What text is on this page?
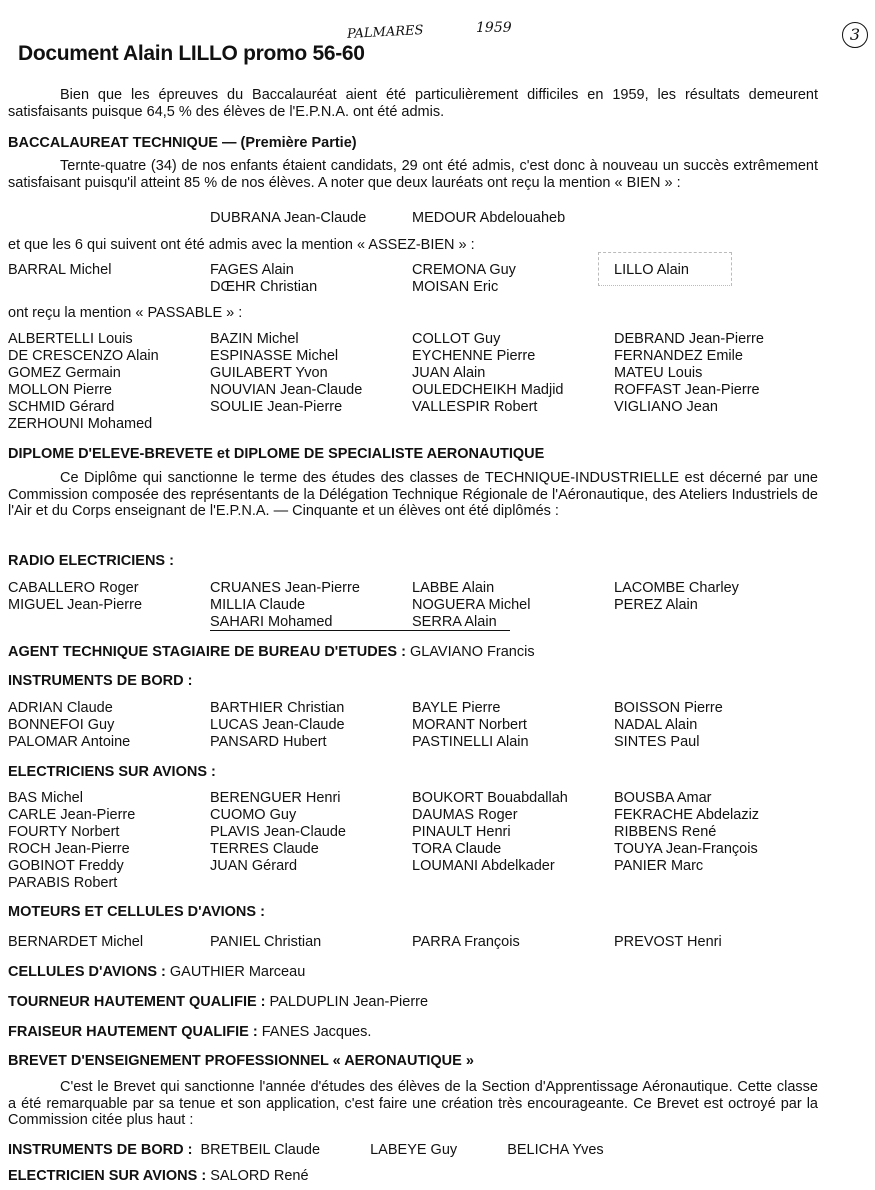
Document Alain LILLO promo 56-60
PALMARES	1959	3

Bien que les épreuves du Baccalauréat aient été particulièrement difficiles en 1959, les résultats demeurent satisfaisants puisque 64,5 % des élèves de l'E.P.N.A. ont été admis.

BACCALAUREAT TECHNIQUE — (Première Partie)

Ternte-quatre (34) de nos enfants étaient candidats, 29 ont été admis, c'est donc à nouveau un succès extrêmement satisfaisant puisqu'il atteint 85 % de nos élèves. A noter que deux lauréats ont reçu la mention « BIEN » :

DUBRANA Jean-Claude	MEDOUR Abdelouaheb
et que les 6 qui suivent ont été admis avec la mention « ASSEZ-BIEN » :
BARRAL Michel	FAGES Alain	CREMONA Guy	LILLO Alain
DŒHR Christian	MOISAN Eric
ont reçu la mention « PASSABLE » :
ALBERTELLI Louis	BAZIN Michel	COLLOT Guy	DEBRAND Jean-Pierre
DE CRESCENZO Alain	ESPINASSE Michel	EYCHENNE Pierre	FERNANDEZ Emile
GOMEZ Germain	GUILABERT Yvon	JUAN Alain	MATEU Louis
MOLLON Pierre	NOUVIAN Jean-Claude	OULEDCHEIKH Madjid	ROFFAST Jean-Pierre
SCHMID Gérard	SOULIE Jean-Pierre	VALLESPIR Robert	VIGLIANO Jean
ZERHOUNI Mohamed
DIPLOME D'ELEVE-BREVETE et DIPLOME DE SPECIALISTE AERONAUTIQUE

Ce Diplôme qui sanctionne le terme des études des classes de TECHNIQUE-INDUSTRIELLE est décerné par une Commission composée des représentants de la Délégation Technique Régionale de l'Aéronautique, des Ateliers Industriels de l'Air et du Corps enseignant de l'E.P.N.A. — Cinquante et un élèves ont été diplômés :

RADIO ELECTRICIENS :
CABALLERO Roger	CRUANES Jean-Pierre	LABBE Alain	LACOMBE Charley
MIGUEL Jean-Pierre	MILLIA Claude	NOGUERA Michel	PEREZ Alain
SAHARI Mohamed	SERRA Alain
AGENT TECHNIQUE STAGIAIRE DE BUREAU D'ETUDES : GLAVIANO Francis
INSTRUMENTS DE BORD :
ADRIAN Claude	BARTHIER Christian	BAYLE Pierre	BOISSON Pierre
BONNEFOI Guy	LUCAS Jean-Claude	MORANT Norbert	NADAL Alain
PALOMAR Antoine	PANSARD Hubert	PASTINELLI Alain	SINTES Paul
ELECTRICIENS SUR AVIONS :
BAS Michel	BERENGUER Henri	BOUKORT Bouabdallah	BOUSBA Amar
CARLE Jean-Pierre	CUOMO Guy	DAUMAS Roger	FEKRACHE Abdelaziz
FOURTY Norbert	PLAVIS Jean-Claude	PINAULT Henri	RIBBENS René
ROCH Jean-Pierre	TERRES Claude	TORA Claude	TOUYA Jean-François
GOBINOT Freddy	JUAN Gérard	LOUMANI Abdelkader	PANIER Marc
PARABIS Robert
MOTEURS ET CELLULES D'AVIONS :
BERNARDET Michel	PANIEL Christian	PARRA François	PREVOST Henri
CELLULES D'AVIONS : GAUTHIER Marceau
TOURNEUR HAUTEMENT QUALIFIE : PALDUPLIN Jean-Pierre
FRAISEUR HAUTEMENT QUALIFIE : FANES Jacques.
BREVET D'ENSEIGNEMENT PROFESSIONNEL « AERONAUTIQUE »

C'est le Brevet qui sanctionne l'année d'études des élèves de la Section d'Apprentissage Aéronautique. Cette classe a été remarquable par sa tenue et son application, c'est faire une création très encourageante. Ce Brevet est octroyé par la Commission citée plus haut :

INSTRUMENTS DE BORD : BRETBEIL Claude	LABEYE Guy	BELICHA Yves
ELECTRICIEN SUR AVIONS : SALORD René
